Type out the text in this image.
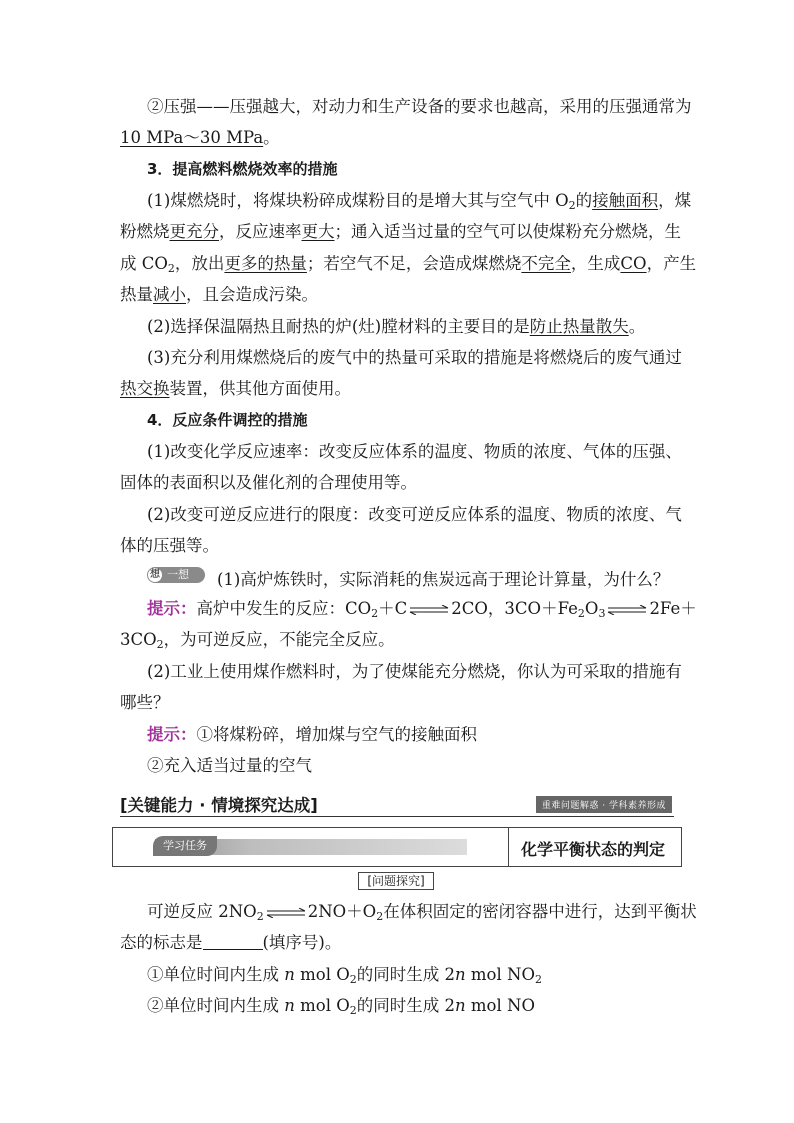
②压强——压强越大，对动力和生产设备的要求也越高，采用的压强通常为
10 MPa～30 MPa。
3．提高燃料燃烧效率的措施
(1)煤燃烧时，将煤块粉碎成煤粉目的是增大其与空气中 $O_2$的接触面积，煤
粉燃烧更充分，反应速率更大；通入适当过量的空气可以使煤粉充分燃烧，生
成 $CO_2$，放出更多的热量；若空气不足，会造成煤燃烧不完全，生成CO，产生
热量减小，且会造成污染。
(2)选择保温隔热且耐热的炉(灶)膛材料的主要目的是防止热量散失。
(3)充分利用煤燃烧后的废气中的热量可采取的措施是将燃烧后的废气通过
热交换装置，供其他方面使用。
4．反应条件调控的措施
(1)改变化学反应速率：改变反应体系的温度、物质的浓度、气体的压强、
固体的表面积以及催化剂的合理使用等。
(2)改变可逆反应进行的限度：改变可逆反应体系的温度、物质的浓度、气
体的压强等。
想 一想 (1)高炉炼铁时，实际消耗的焦炭远高于理论计算量，为什么？
提示：高炉中发生的反应：$CO_2+C$ ⇌ 2CO，$3CO+Fe_2O_3$ ⇌ 2Fe＋
$3CO_2$，为可逆反应，不能完全反应。
(2)工业上使用煤作燃料时，为了使煤能充分燃烧，你认为可采取的措施有
哪些？
提示：①将煤粉碎，增加煤与空气的接触面积
②充入适当过量的空气
[关键能力 · 情境探究达成]	重难问题解惑 · 学科素养形成
学习任务	化学平衡状态的判定
[问题探究]
可逆反应 $2NO_2$ ⇌ $2NO+O_2$在体积固定的密闭容器中进行，达到平衡状
态的标志是	(填序号)。
①单位时间内生成 n mol $O_2$的同时生成 2n mol $NO_2$
②单位时间内生成 n mol $O_2$的同时生成 2n mol NO
